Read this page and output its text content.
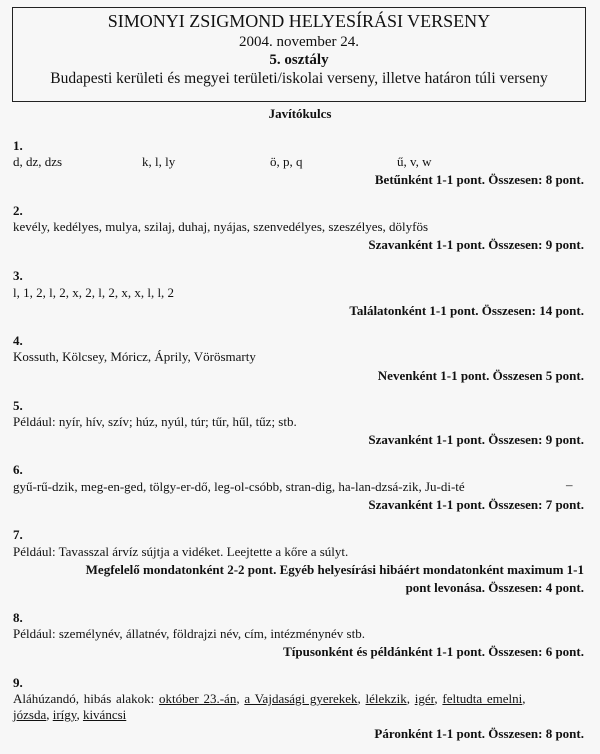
SIMONYI ZSIGMOND HELYESÍRÁSI VERSENY
2004. november 24.
5. osztály
Budapesti kerületi és megyei területi/iskolai verseny, illetve határon túli verseny
Javítókulcs
1.
d, dz, dzs	k, l, ly	ö, p, q	ű, v, w
Betűnként 1-1 pont. Összesen: 8 pont.
2.
kevély, kedélyes, mulya, szilaj, duhaj, nyájas, szenvedélyes, szeszélyes, dölyfös
Szavanként 1-1 pont. Összesen: 9 pont.
3.
l, 1, 2, l, 2, x, 2, l, 2, x, x, l, l, 2
Találatonként 1-1 pont. Összesen: 14 pont.
4.
Kossuth, Kölcsey, Móricz, Áprily, Vörösmarty
Nevenként 1-1 pont. Összesen 5 pont.
5.
Például: nyír, hív, szív; húz, nyúl, túr; tűr, hűl, tűz; stb.
Szavanként 1-1 pont. Összesen: 9 pont.
6.
gyű-rű-dzik, meg-en-ged, tölgy-er-dő, leg-ol-csóbb, stran-dig, ha-lan-dzsá-zik, Ju-di-té	–
Szavanként 1-1 pont. Összesen: 7 pont.
7.
Például: Tavasszal árvíz sújtja a vidéket. Leejtette a kőre a súlyt.
Megfelelő mondatonként 2-2 pont. Egyéb helyesírási hibáért mondatonként maximum 1-1
pont levonása. Összesen: 4 pont.
8.
Például: személynév, állatnév, földrajzi név, cím, intézménynév stb.
Típusonként és példánként 1-1 pont. Összesen: 6 pont.
9.
Aláhúzandó, hibás alakok: október 23.-án, a Vajdasági gyerekek, lélekzik, igér, feltudta emelni,
józsda, irígy, kiváncsi
Páronként 1-1 pont. Összesen: 8 pont.
